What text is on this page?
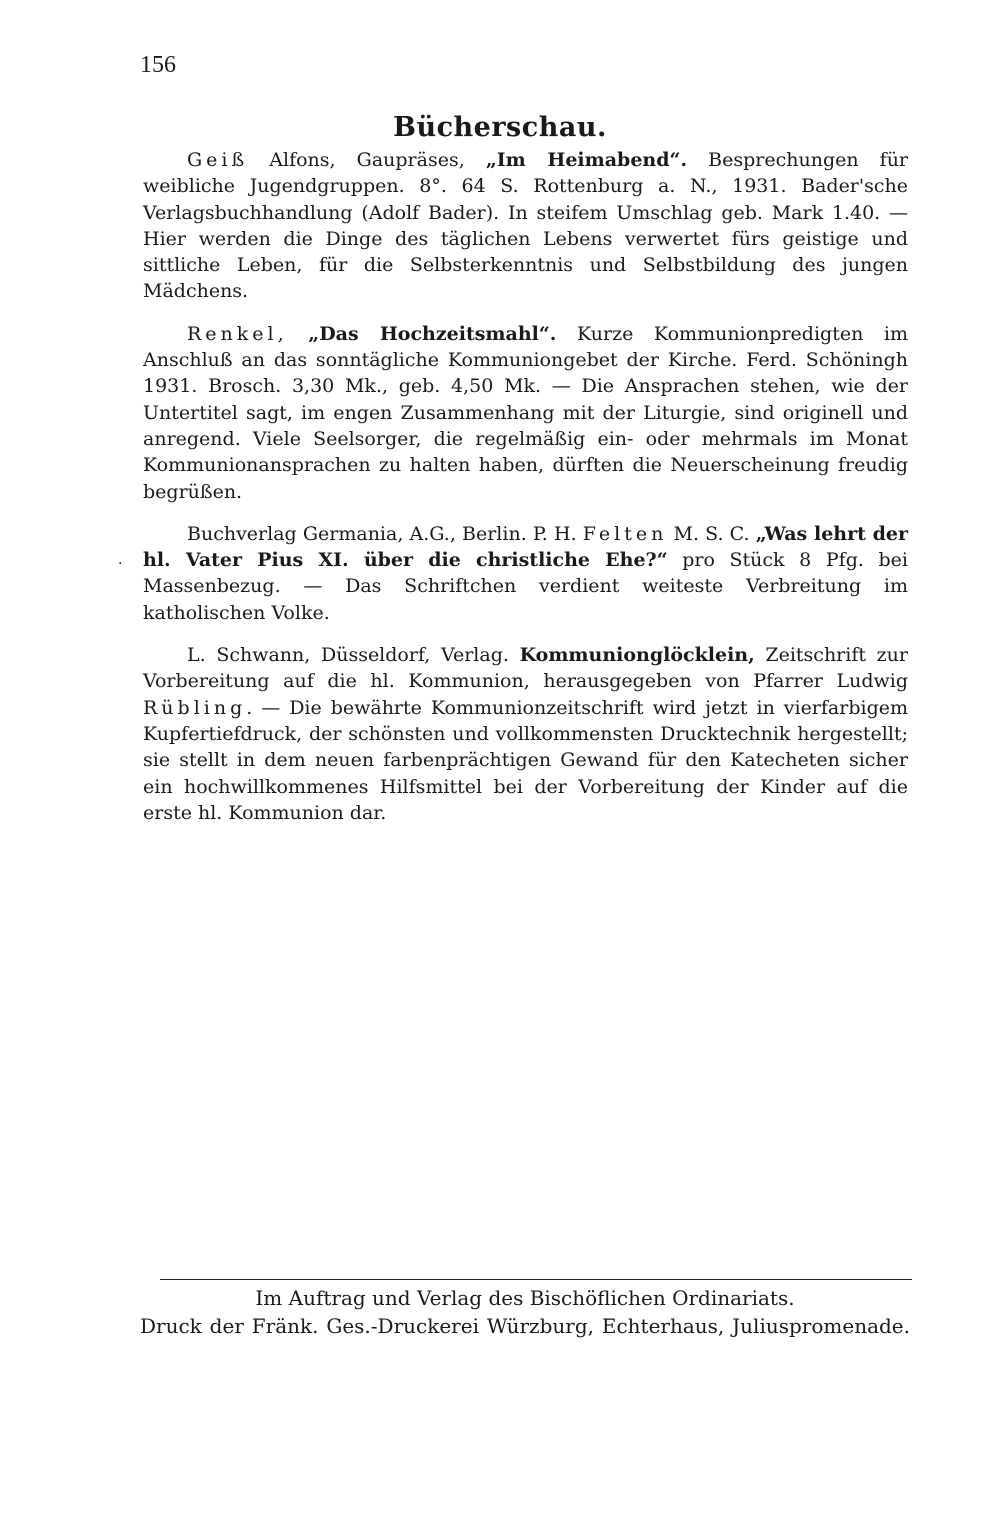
156
Bücherschau.
·

Geiß Alfons, Gaupräses, „Im Heimabend“. Besprechungen für weibliche Jugendgruppen. 8°. 64 S. Rottenburg a. N., 1931. Bader'sche Verlagsbuchhandlung (Adolf Bader). In steifem Umschlag geb. Mark 1.40. — Hier werden die Dinge des täglichen Lebens verwertet fürs geistige und sittliche Leben, für die Selbsterkenntnis und Selbstbildung des jungen Mädchens.

Renkel, „Das Hochzeitsmahl“. Kurze Kommunionpredigten im Anschluß an das sonntägliche Kommuniongebet der Kirche. Ferd. Schöningh 1931. Brosch. 3,30 Mk., geb. 4,50 Mk. — Die Ansprachen stehen, wie der Untertitel sagt, im engen Zusammenhang mit der Liturgie, sind originell und anregend. Viele Seelsorger, die regelmäßig ein- oder mehrmals im Monat Kommunionansprachen zu halten haben, dürften die Neuerscheinung freudig begrüßen.

Buchverlag Germania, A.G., Berlin. P. H. Felten M. S. C. „Was lehrt der hl. Vater Pius XI. über die christliche Ehe?“ pro Stück 8 Pfg. bei Massenbezug. — Das Schriftchen verdient weiteste Verbreitung im katholischen Volke.

L. Schwann, Düsseldorf, Verlag. Kommunionglöcklein, Zeitschrift zur Vorbereitung auf die hl. Kommunion, herausgegeben von Pfarrer Ludwig Rübling. — Die bewährte Kommunionzeitschrift wird jetzt in vierfarbigem Kupfertiefdruck, der schönsten und vollkommensten Drucktechnik hergestellt; sie stellt in dem neuen farbenprächtigen Gewand für den Katecheten sicher ein hochwillkommenes Hilfsmittel bei der Vorbereitung der Kinder auf die erste hl. Kommunion dar.

Im Auftrag und Verlag des Bischöflichen Ordinariats.
Druck der Fränk. Ges.-Druckerei Würzburg, Echterhaus, Juliuspromenade.
